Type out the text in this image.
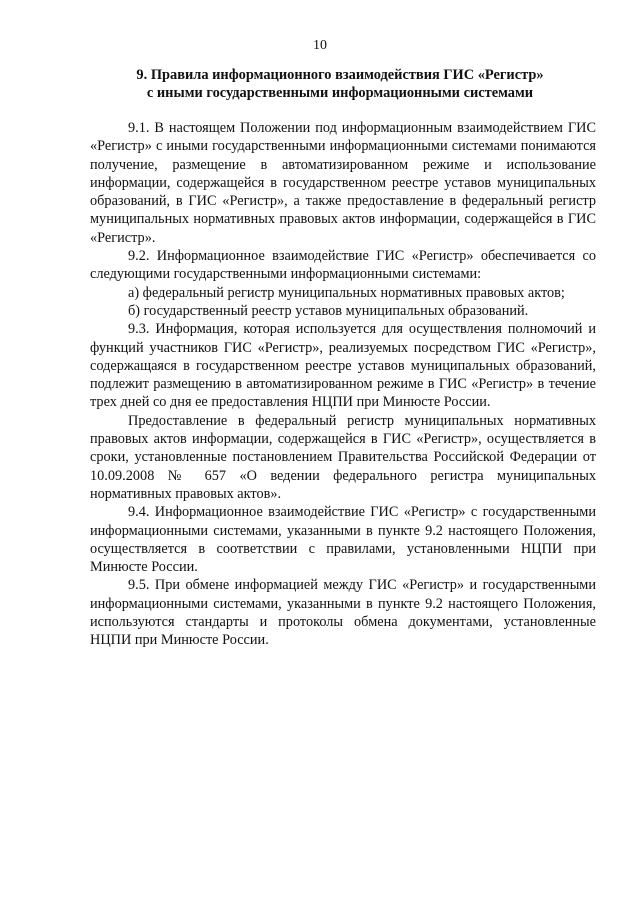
10
9. Правила информационного взаимодействия ГИС «Регистр»
с иными государственными информационными системами

9.1. В настоящем Положении под информационным взаимодействием ГИС «Регистр» с иными государственными информационными системами понимаются получение, размещение в автоматизированном режиме и использование информации, содержащейся в государственном реестре уставов муниципальных образований, в ГИС «Регистр», а также предоставление в федеральный регистр муниципальных нормативных правовых актов информации, содержащейся в ГИС «Регистр».

9.2. Информационное взаимодействие ГИС «Регистр» обеспечивается со следующими государственными информационными системами:

а) федеральный регистр муниципальных нормативных правовых актов;

б) государственный реестр уставов муниципальных образований.

9.3. Информация, которая используется для осуществления полномочий и функций участников ГИС «Регистр», реализуемых посредством ГИС «Регистр», содержащаяся в государственном реестре уставов муниципальных образований, подлежит размещению в автоматизированном режиме в ГИС «Регистр» в течение трех дней со дня ее предоставления НЦПИ при Минюсте России.

Предоставление в федеральный регистр муниципальных нормативных правовых актов информации, содержащейся в ГИС «Регистр», осуществляется в сроки, установленные постановлением Правительства Российской Федерации от 10.09.2008 № 657 «О ведении федерального регистра муниципальных нормативных правовых актов».

9.4. Информационное взаимодействие ГИС «Регистр» с государственными информационными системами, указанными в пункте 9.2 настоящего Положения, осуществляется в соответствии с правилами, установленными НЦПИ при Минюсте России.

9.5. При обмене информацией между ГИС «Регистр» и государственными информационными системами, указанными в пункте 9.2 настоящего Положения, используются стандарты и протоколы обмена документами, установленные НЦПИ при Минюсте России.
